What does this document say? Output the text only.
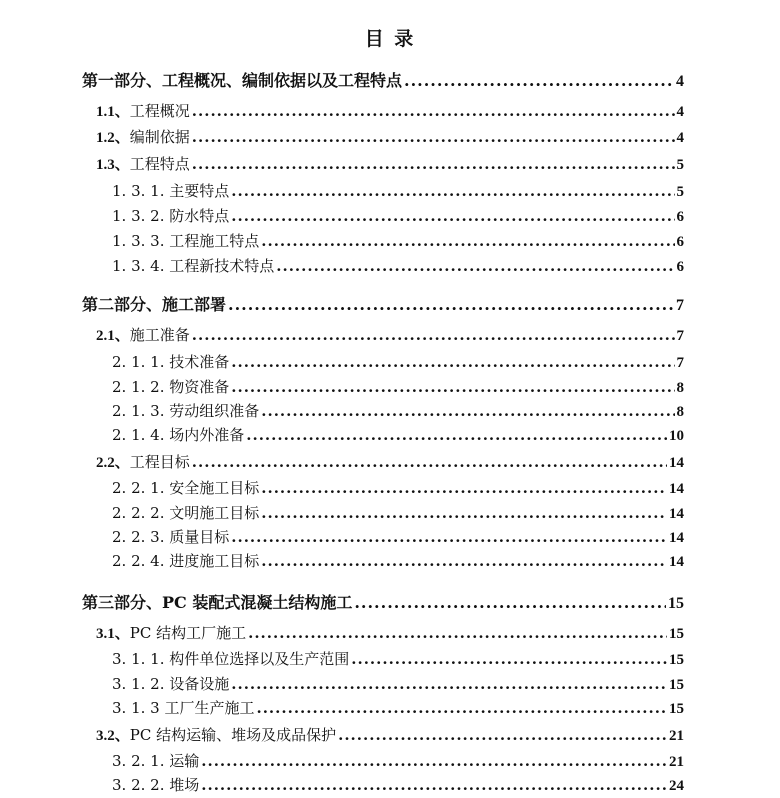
目 录
第一部分、工程概况、编制依据以及工程特点 .....	4
1.1、工程概况 .....	4
1.2、编制依据 .....	4
1.3、工程特点 .....	5
1. 3. 1. 主要特点 .....	5
1. 3. 2. 防水特点 .....	6
1. 3. 3. 工程施工特点 .....	6
1. 3. 4. 工程新技术特点 .....	6
第二部分、施工部署 .....	7
2.1、施工准备 .....	7
2. 1. 1. 技术准备 .....	7
2. 1. 2. 物资准备 .....	8
2. 1. 3. 劳动组织准备 .....	8
2. 1. 4. 场内外准备 .....	10
2.2、工程目标 .....	14
2. 2. 1. 安全施工目标 .....	14
2. 2. 2. 文明施工目标 .....	14
2. 2. 3. 质量目标 .....	14
2. 2. 4. 进度施工目标 .....	14
第三部分、PC 装配式混凝土结构施工 .....	15
3.1、PC 结构工厂施工 .....	15
3. 1. 1. 构件单位选择以及生产范围 .....	15
3. 1. 2. 设备设施 .....	15
3. 1. 3 工厂生产施工 .....	15
3.2、PC 结构运输、堆场及成品保护 .....	21
3. 2. 1. 运输 .....	21
3. 2. 2. 堆场 .....	24
